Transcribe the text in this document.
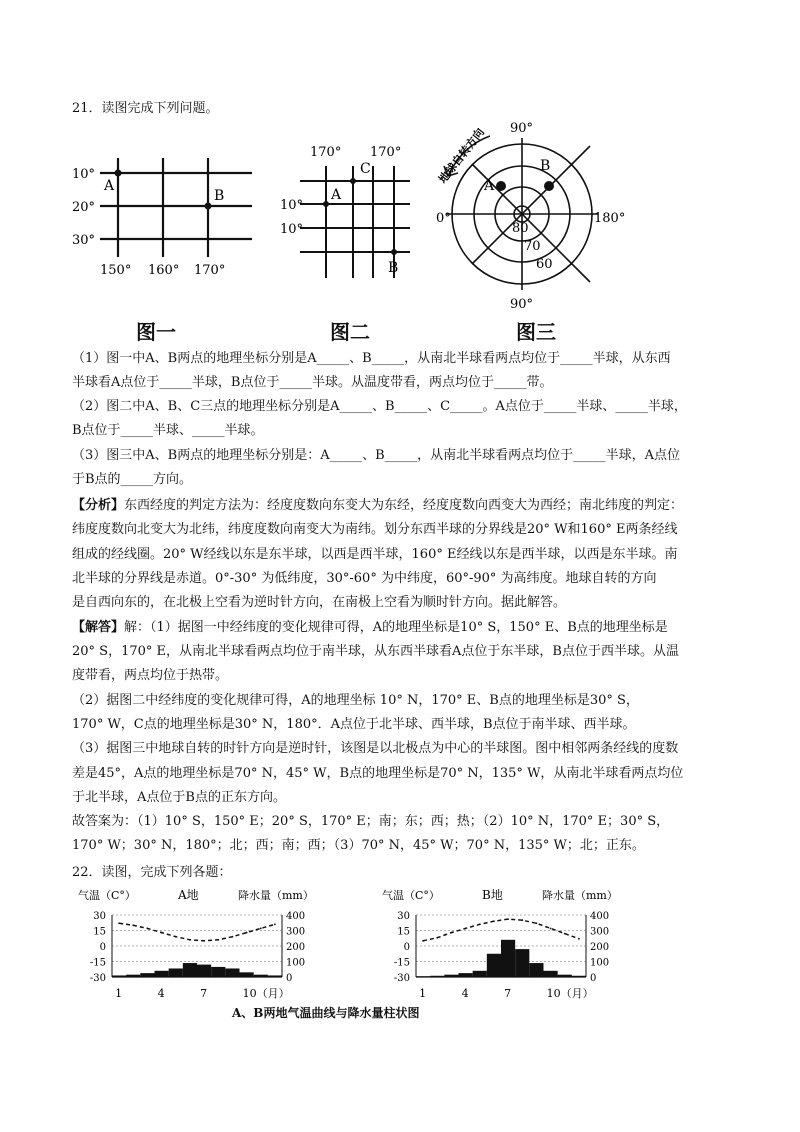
21．读图完成下列问题。
10°
20°
30°
A
B
150° 160° 170°
图一
170° 170°
10°
10°
A
C
B
图二
90°
90°
0°	180°
地球自转方向
A
B
80
70
60
图三
（1）图一中A、B两点的地理坐标分别是A_____、B_____，从南北半球看两点均位于_____半球，从东西
半球看A点位于_____半球，B点位于_____半球。从温度带看，两点均位于_____带。
（2）图二中A、B、C三点的地理坐标分别是A_____、B_____、C_____。A点位于_____半球、_____半球，
B点位于_____半球、_____半球。
（3）图三中A、B两点的地理坐标分别是：A_____、B_____，从南北半球看两点均位于_____半球，A点位
于B点的_____方向。
【分析】东西经度的判定方法为：经度度数向东变大为东经，经度度数向西变大为西经；南北纬度的判定：
纬度度数向北变大为北纬，纬度度数向南变大为南纬。划分东西半球的分界线是20° W和160° E两条经线
组成的经线圈。20° W经线以东是东半球，以西是西半球，160° E经线以东是西半球，以西是东半球。南
北半球的分界线是赤道。0°-30° 为低纬度，30°-60° 为中纬度，60°-90° 为高纬度。地球自转的方向
是自西向东的，在北极上空看为逆时针方向，在南极上空看为顺时针方向。据此解答。
【解答】解：（1）据图一中经纬度的变化规律可得，A的地理坐标是10° S，150° E、B点的地理坐标是
20° S，170° E，从南北半球看两点均位于南半球，从东西半球看A点位于东半球，B点位于西半球。从温
度带看，两点均位于热带。
（2）据图二中经纬度的变化规律可得，A的地理坐标 10° N，170° E、B点的地理坐标是30° S，
170° W，C点的地理坐标是30° N，180°．A点位于北半球、西半球，B点位于南半球、西半球。
（3）据图三中地球自转的时针方向是逆时针，该图是以北极点为中心的半球图。图中相邻两条经线的度数
差是45°，A点的地理坐标是70° N，45° W，B点的地理坐标是70° N，135° W，从南北半球看两点均位
于北半球，A点位于B点的正东方向。
故答案为：（1）10° S，150° E；20° S，170° E；南；东；西；热；（2）10° N，170° E；30° S，
170° W；30° N，180°；北；西；南；西；（3）70° N，45° W；70° N，135° W；北；正东。
22．读图，完成下列各题：
气温（C°）	A地	降水量（mm）
30
15
0
-15
-30
400
300
200
100
0
1	4	7	10（月）
气温（C°）	B地	降水量（mm）
30
15
0
-15
-30
400
300
200
100
0
1	4	7	10（月）
A、B两地气温曲线与降水量柱状图
